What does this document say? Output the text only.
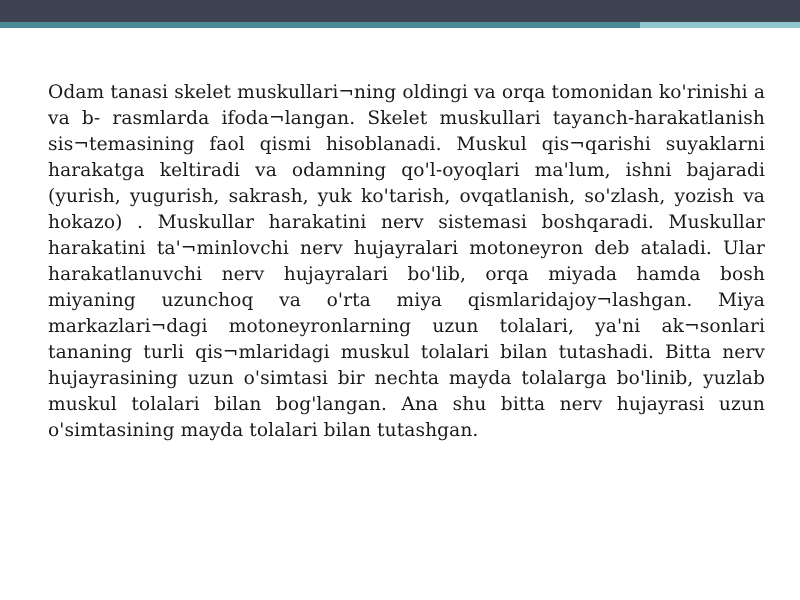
Odam tanasi skelet muskullari¬ning oldingi va orqa tomonidan ko'rinishi a va b- rasmlarda ifoda¬langan. Skelet muskullari tayanch-harakatlanish sis¬temasining faol qismi hisoblanadi. Muskul qis¬qarishi suyaklarni harakatga keltiradi va odamning qo'l-oyoqlari ma'lum, ishni bajaradi (yurish, yugurish, sakrash, yuk ko'tarish, ovqatlanish, so'zlash, yozish va hokazo) . Muskullar harakatini nerv sistemasi boshqaradi. Muskullar harakatini ta'¬minlovchi nerv hujayralari motoneyron deb ataladi. Ular harakatlanuvchi nerv hujayralari bo'lib, orqa miyada hamda bosh miyaning uzunchoq va o'rta miya qismlaridajoy¬lashgan. Miya markazlari¬dagi motoneyronlarning uzun tolalari, ya'ni ak¬sonlari tananing turli qis¬mlaridagi muskul tolalari bilan tutashadi. Bitta nerv hujayrasining uzun o'simtasi bir nechta mayda tolalarga bo'linib, yuzlab muskul tolalari bilan bog'langan. Ana shu bitta nerv hujayrasi uzun o'simtasining mayda tolalari bilan tutashgan.
